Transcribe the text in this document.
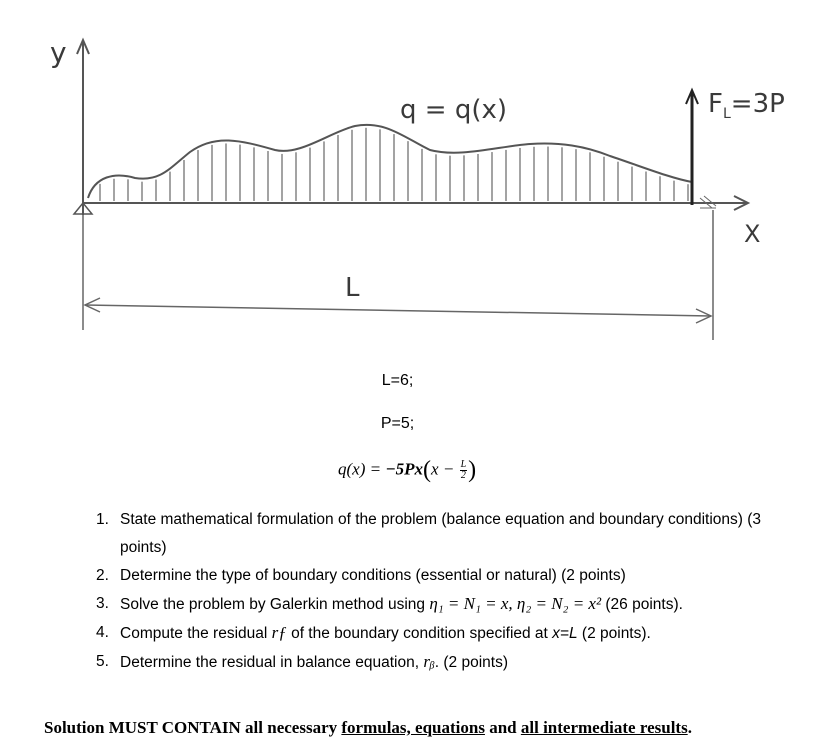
y
X
q = q(x)	$F_L=3P$
L
L=6;
P=5;
$q(x) = -5Px(x - \frac{L}{2}$ )
1. State mathematical formulation of the problem (balance equation and boundary conditions) (3 points)
2. Determine the type of boundary conditions (essential or natural) (2 points)
3. Solve the problem by Galerkin method using η₁ = N₁ = x, η₂ = N₂ = x² (26 points).
4. Compute the residual rƒ of the boundary condition specified at x=L (2 points).
5. Determine the residual in balance equation, rᵦ. (2 points)
Solution MUST CONTAIN all necessary formulas, equations and all intermediate results.
